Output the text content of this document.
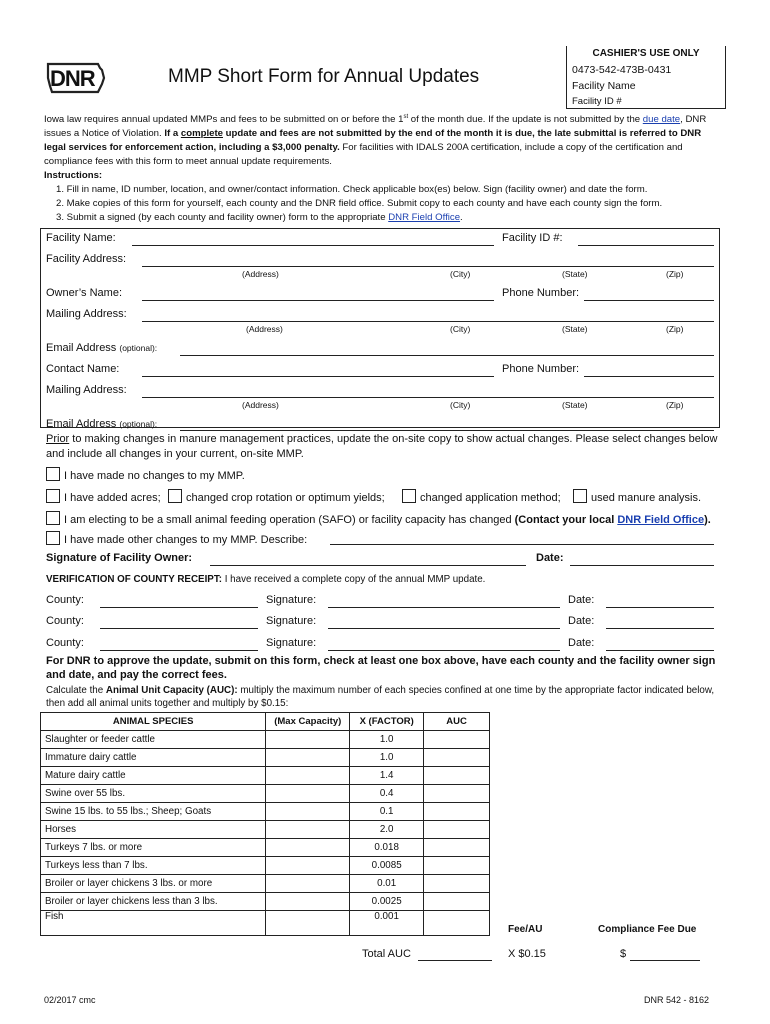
DNR	MMP Short Form for Annual Updates
CASHIER'S USE ONLY
0473-542-473B-0431
Facility Name
Facility ID #

Iowa law requires annual updated MMPs and fees to be submitted on or before the 1st of the month due. If the update is not submitted by the due date, DNR issues a Notice of Violation. If a complete update and fees are not submitted by the end of the month it is due, the late submittal is referred to DNR legal services for enforcement action, including a $3,000 penalty. For facilities with IDALS 200A certification, include a copy of the certification and compliance fees with this form to meet annual update requirements.

Instructions:

1. Fill in name, ID number, location, and owner/contact information. Check applicable box(es) below. Sign (facility owner) and date the form.

2. Make copies of this form for yourself, each county and the DNR field office. Submit copy to each county and have each county sign the form.

3. Submit a signed (by each county and facility owner) form to the appropriate DNR Field Office.

Facility Name:	Facility ID #:
Facility Address:
(Address)	(City)	(State)	(Zip)
Owner’s Name:	Phone Number:
Mailing Address:
(Address)	(City)	(State)	(Zip)
Email Address (optional):
Contact Name:	Phone Number:
Mailing Address:
(Address)	(City)	(State)	(Zip)
Email Address (optional):
Prior to making changes in manure management practices, update the on-site copy to show actual changes. Please select changes below and include all changes in your current, on-site MMP.
I have made no changes to my MMP.
I have added acres;	changed crop rotation or optimum yields;	changed application method;	used manure analysis.
I am electing to be a small animal feeding operation (SAFO) or facility capacity has changed (Contact your local DNR Field Office).
I have made other changes to my MMP. Describe:
Signature of Facility Owner:	Date:
VERIFICATION OF COUNTY RECEIPT: I have received a complete copy of the annual MMP update.
County:	Signature:	Date:
County:	Signature:	Date:
County:	Signature:	Date:
For DNR to approve the update, submit on this form, check at least one box above, have each county and the facility owner sign and date, and pay the correct fees.
Calculate the Animal Unit Capacity (AUC): multiply the maximum number of each species confined at one time by the appropriate factor indicated below, then add all animal units together and multiply by $0.15:
ANIMAL SPECIES	(Max Capacity)	X (FACTOR)	AUC
Slaughter or feeder cattle		1.0	
Immature dairy cattle		1.0	
Mature dairy cattle		1.4	
Swine over 55 lbs.		0.4	
Swine 15 lbs. to 55 lbs.; Sheep; Goats		0.1	
Horses		2.0	
Turkeys 7 lbs. or more		0.018	
Turkeys less than 7 lbs.		0.0085	
Broiler or layer chickens 3 lbs. or more		0.01	
Broiler or layer chickens less than 3 lbs.		0.0025	
Fish		0.001	
Total AUC
Fee/AU
X $0.15
Compliance Fee Due
$
02/2017 cmc	DNR 542 - 8162
